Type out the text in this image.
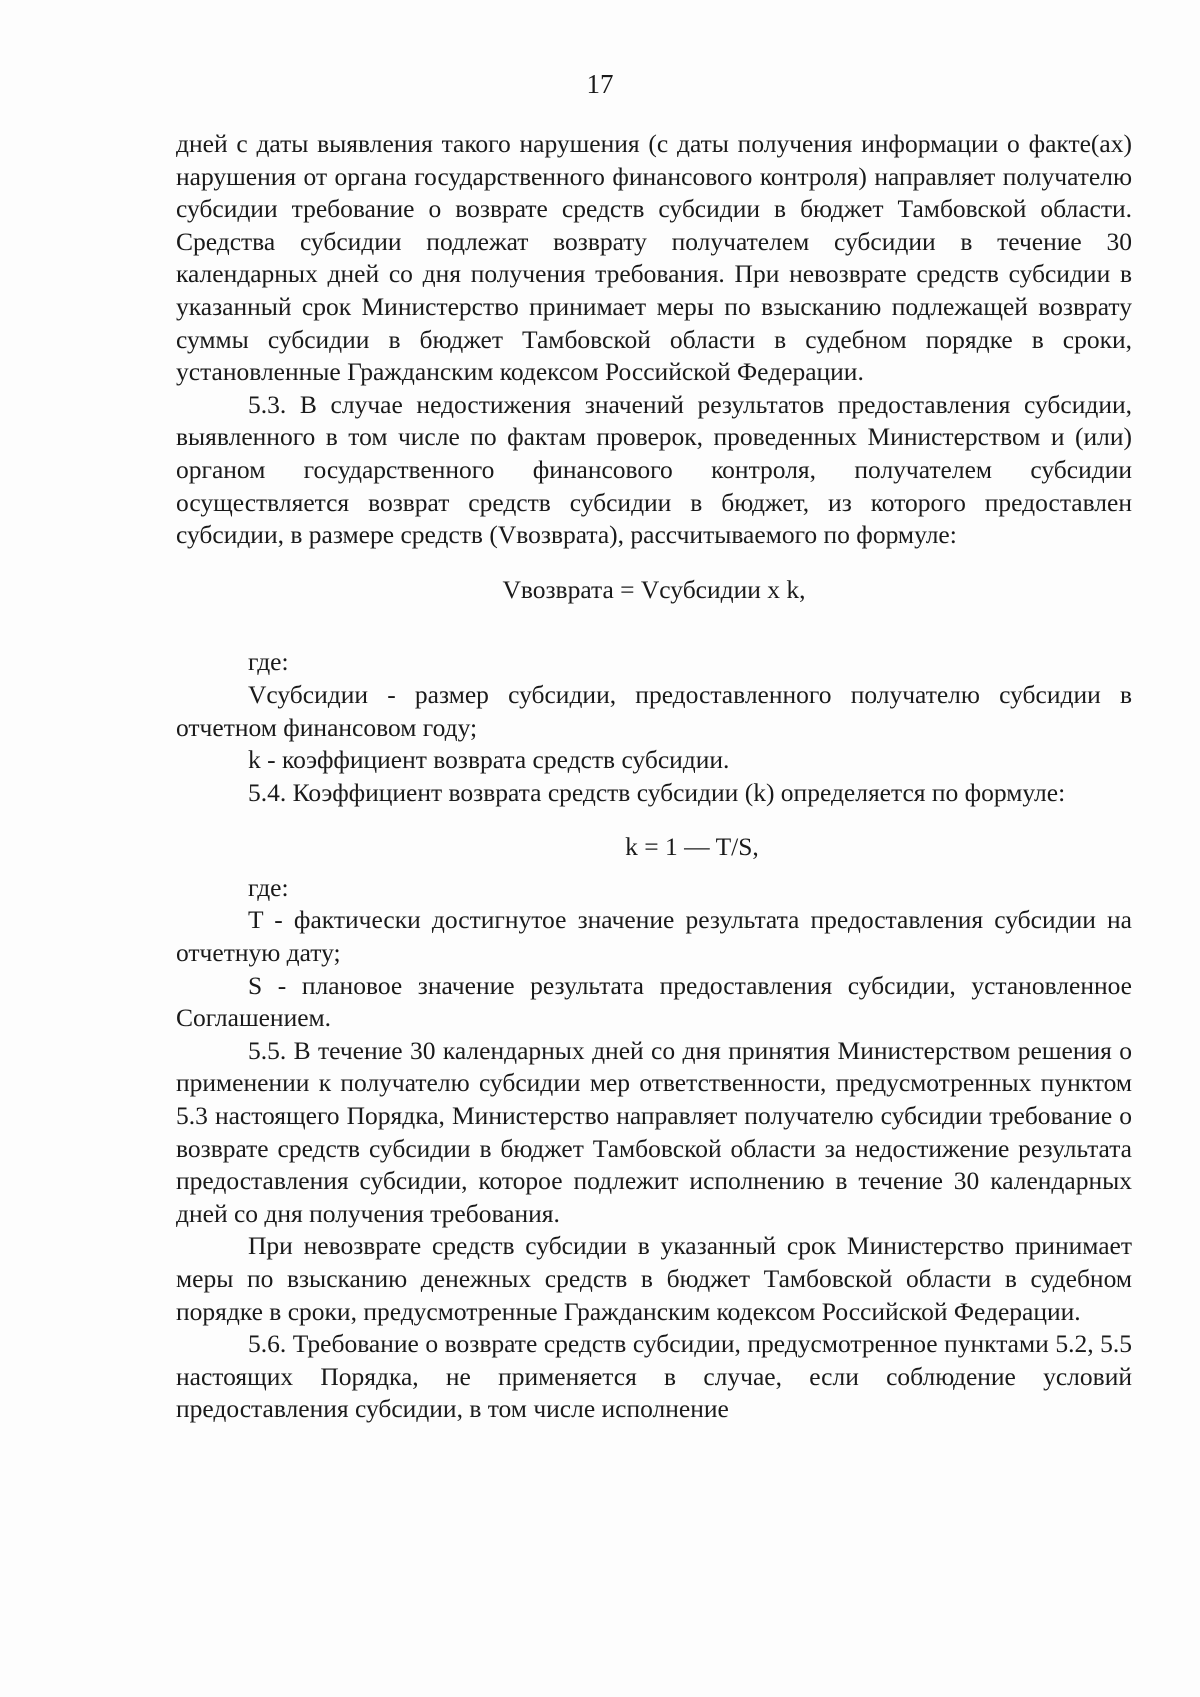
17

дней с даты выявления такого нарушения (с даты получения информации о факте(ах) нарушения от органа государственного финансового контроля) направляет получателю субсидии требование о возврате средств субсидии в бюджет Тамбовской области. Средства субсидии подлежат возврату получателем субсидии в течение 30 календарных дней со дня получения требования. При невозврате средств субсидии в указанный срок Министерство принимает меры по взысканию подлежащей возврату суммы субсидии в бюджет Тамбовской области в судебном порядке в сроки, установленные Гражданским кодексом Российской Федерации.

5.3. В случае недостижения значений результатов предоставления субсидии, выявленного в том числе по фактам проверок, проведенных Министерством и (или) органом государственного финансового контроля, получателем субсидии осуществляется возврат средств субсидии в бюджет, из которого предоставлен субсидии, в размере средств (Vвозврата), рассчитываемого по формуле:

Vвозврата = Vсубсидии x k,

где:

Vсубсидии - размер субсидии, предоставленного получателю субсидии в отчетном финансовом году;

k - коэффициент возврата средств субсидии.

5.4. Коэффициент возврата средств субсидии (k) определяется по формуле:

k = 1 — T/S,

где:

T - фактически достигнутое значение результата предоставления субсидии на отчетную дату;

S - плановое значение результата предоставления субсидии, установленное Соглашением.

5.5. В течение 30 календарных дней со дня принятия Министерством решения о применении к получателю субсидии мер ответственности, предусмотренных пунктом 5.3 настоящего Порядка, Министерство направляет получателю субсидии требование о возврате средств субсидии в бюджет Тамбовской области за недостижение результата предоставления субсидии, которое подлежит исполнению в течение 30 календарных дней со дня получения требования.

При невозврате средств субсидии в указанный срок Министерство принимает меры по взысканию денежных средств в бюджет Тамбовской области в судебном порядке в сроки, предусмотренные Гражданским кодексом Российской Федерации.

5.6. Требование о возврате средств субсидии, предусмотренное пунктами 5.2, 5.5 настоящих Порядка, не применяется в случае, если соблюдение условий предоставления субсидии, в том числе исполнение
